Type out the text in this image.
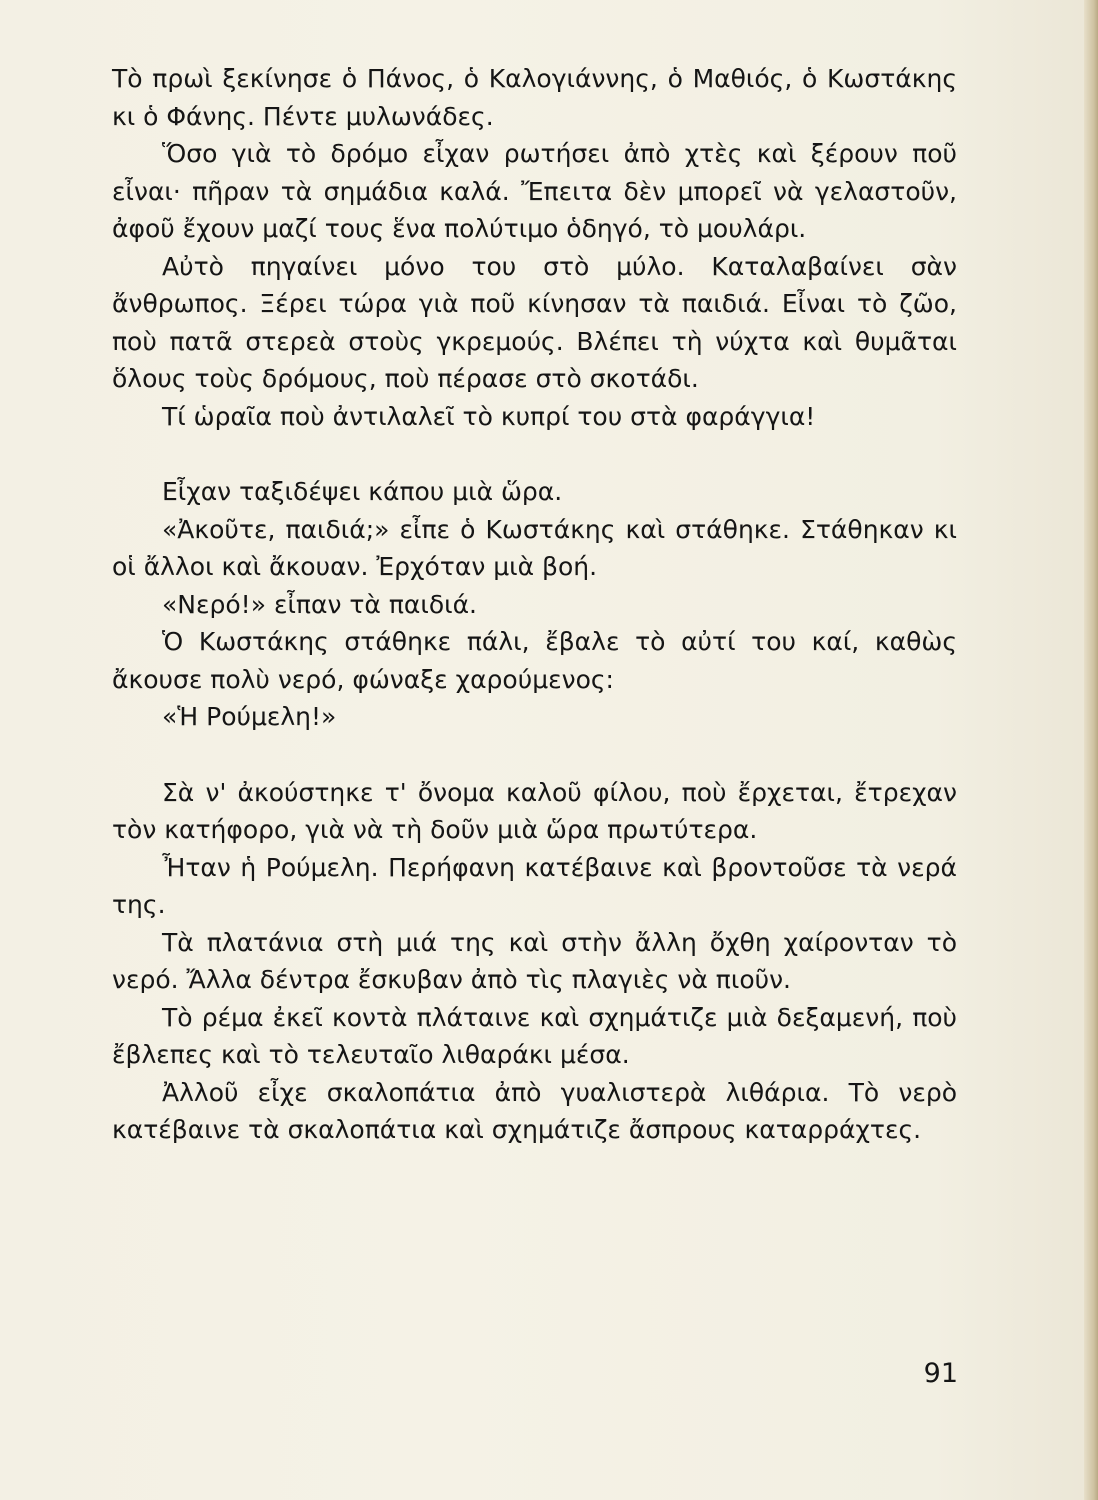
Τὸ πρωὶ ξεκίνησε ὁ Πάνος, ὁ Καλογιάννης, ὁ Μαθιός, ὁ Κωστάκης κι ὁ Φάνης. Πέντε μυλωνάδες.

Ὅσο γιὰ τὸ δρόμο εἶχαν ρωτήσει ἀπὸ χτὲς καὶ ξέρουν ποῦ εἶναι· πῆραν τὰ σημάδια καλά. Ἔπειτα δὲν μπορεῖ νὰ γελαστοῦν, ἀφοῦ ἔχουν μαζί τους ἕνα πολύτιμο ὁδηγό, τὸ μουλάρι.

Αὐτὸ πηγαίνει μόνο του στὸ μύλο. Καταλαβαίνει σὰν ἄνθρωπος. Ξέρει τώρα γιὰ ποῦ κίνησαν τὰ παιδιά. Εἶναι τὸ ζῶο, ποὺ πατᾶ στερεὰ στοὺς γκρεμούς. Βλέπει τὴ νύχτα καὶ θυμᾶται ὅλους τοὺς δρόμους, ποὺ πέρασε στὸ σκοτάδι.

Τί ὡραῖα ποὺ ἀντιλαλεῖ τὸ κυπρί του στὰ φαράγγια!

Εἶχαν ταξιδέψει κάπου μιὰ ὥρα.

«Ἀκοῦτε, παιδιά;» εἶπε ὁ Κωστάκης καὶ στάθηκε. Στάθηκαν κι οἱ ἄλλοι καὶ ἄκουαν. Ἐρχόταν μιὰ βοή.

«Νερό!» εἶπαν τὰ παιδιά.

Ὁ Κωστάκης στάθηκε πάλι, ἔβαλε τὸ αὐτί του καί, καθὼς ἄκουσε πολὺ νερό, φώναξε χαρούμενος:

«Ἡ Ρούμελη!»

Σὰ ν' ἀκούστηκε τ' ὄνομα καλοῦ φίλου, ποὺ ἔρχεται, ἔτρεχαν τὸν κατήφορο, γιὰ νὰ τὴ δοῦν μιὰ ὥρα πρωτύτερα.

Ἦταν ἡ Ρούμελη. Περήφανη κατέβαινε καὶ βροντοῦσε τὰ νερά της.

Τὰ πλατάνια στὴ μιά της καὶ στὴν ἄλλη ὄχθη χαίρονταν τὸ νερό. Ἄλλα δέντρα ἔσκυβαν ἀπὸ τὶς πλαγιὲς νὰ πιοῦν.

Τὸ ρέμα ἐκεῖ κοντὰ πλάταινε καὶ σχημάτιζε μιὰ δεξαμενή, ποὺ ἔβλεπες καὶ τὸ τελευταῖο λιθαράκι μέσα.

Ἀλλοῦ εἶχε σκαλοπάτια ἀπὸ γυαλιστερὰ λιθάρια. Τὸ νερὸ κατέβαινε τὰ σκαλοπάτια καὶ σχημάτιζε ἄσπρους καταρράχτες.

91
